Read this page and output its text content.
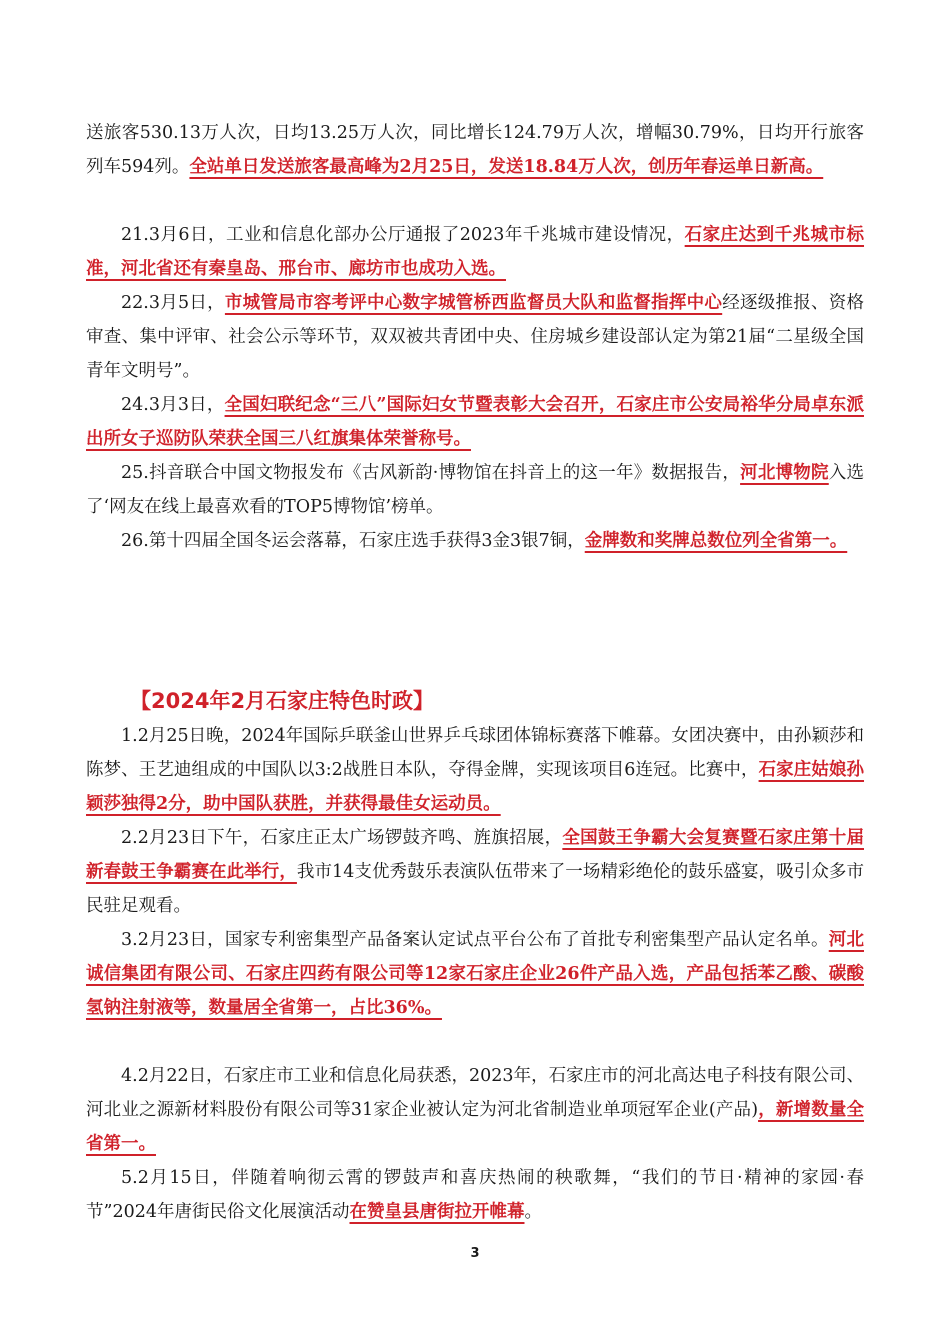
送旅客530.13万人次，日均13.25万人次，同比增长124.79万人次，增幅30.79%，日均开行旅客列车594列。全站单日发送旅客最高峰为2月25日，发送18.84万人次，创历年春运单日新高。

21.3月6日，工业和信息化部办公厅通报了2023年千兆城市建设情况，石家庄达到千兆城市标准，河北省还有秦皇岛、邢台市、廊坊市也成功入选。

22.3月5日，市城管局市容考评中心数字城管桥西监督员大队和监督指挥中心经逐级推报、资格审查、集中评审、社会公示等环节，双双被共青团中央、住房城乡建设部认定为第21届“二星级全国青年文明号”。

24.3月3日，全国妇联纪念“三八”国际妇女节暨表彰大会召开，石家庄市公安局裕华分局卓东派出所女子巡防队荣获全国三八红旗集体荣誉称号。

25.抖音联合中国文物报发布《古风新韵·博物馆在抖音上的这一年》数据报告，河北博物院入选了‘网友在线上最喜欢看的TOP5博物馆’榜单。

26.第十四届全国冬运会落幕，石家庄选手获得3金3银7铜，金牌数和奖牌总数位列全省第一。

【2024年2月石家庄特色时政】

1.2月25日晚，2024年国际乒联釜山世界乒乓球团体锦标赛落下帷幕。女团决赛中，由孙颖莎和陈梦、王艺迪组成的中国队以3:2战胜日本队，夺得金牌，实现该项目6连冠。比赛中，石家庄姑娘孙颖莎独得2分，助中国队获胜，并获得最佳女运动员。

2.2月23日下午，石家庄正太广场锣鼓齐鸣、旌旗招展，全国鼓王争霸大会复赛暨石家庄第十届新春鼓王争霸赛在此举行，我市14支优秀鼓乐表演队伍带来了一场精彩绝伦的鼓乐盛宴，吸引众多市民驻足观看。

3.2月23日，国家专利密集型产品备案认定试点平台公布了首批专利密集型产品认定名单。河北诚信集团有限公司、石家庄四药有限公司等12家石家庄企业26件产品入选，产品包括苯乙酸、碳酸氢钠注射液等，数量居全省第一，占比36%。

4.2月22日，石家庄市工业和信息化局获悉，2023年，石家庄市的河北高达电子科技有限公司、河北业之源新材料股份有限公司等31家企业被认定为河北省制造业单项冠军企业(产品)，新增数量全省第一。

5.2月15日，伴随着响彻云霄的锣鼓声和喜庆热闹的秧歌舞，“我们的节日·精神的家园·春节”2024年唐街民俗文化展演活动在赞皇县唐街拉开帷幕。

3
